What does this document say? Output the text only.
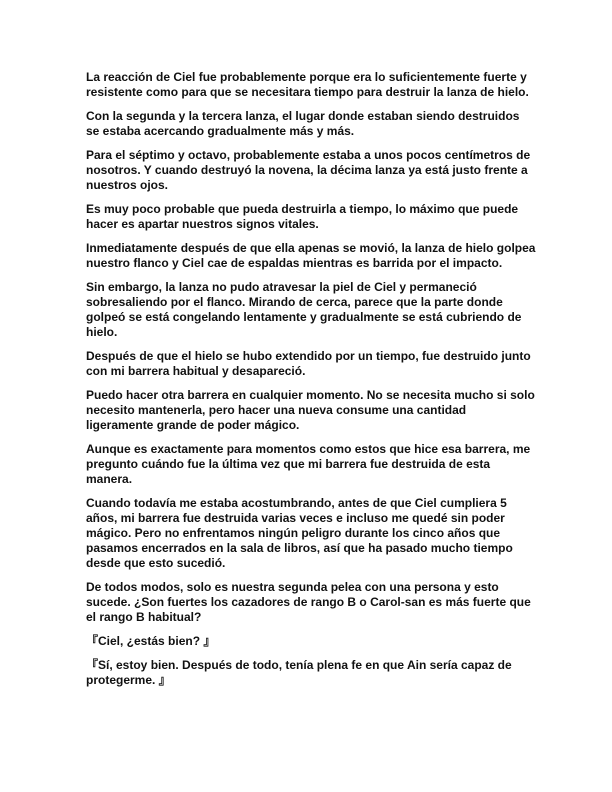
La reacción de Ciel fue probablemente porque era lo suficientemente fuerte y resistente como para que se necesitara tiempo para destruir la lanza de hielo.

Con la segunda y la tercera lanza, el lugar donde estaban siendo destruidos se estaba acercando gradualmente más y más.

Para el séptimo y octavo, probablemente estaba a unos pocos centímetros de nosotros. Y cuando destruyó la novena, la décima lanza ya está justo frente a nuestros ojos.

Es muy poco probable que pueda destruirla a tiempo, lo máximo que puede hacer es apartar nuestros signos vitales.

Inmediatamente después de que ella apenas se movió, la lanza de hielo golpea nuestro flanco y Ciel cae de espaldas mientras es barrida por el impacto.

Sin embargo, la lanza no pudo atravesar la piel de Ciel y permaneció sobresaliendo por el flanco. Mirando de cerca, parece que la parte donde golpeó se está congelando lentamente y gradualmente se está cubriendo de hielo.

Después de que el hielo se hubo extendido por un tiempo, fue destruido junto con mi barrera habitual y desapareció.

Puedo hacer otra barrera en cualquier momento. No se necesita mucho si solo necesito mantenerla, pero hacer una nueva consume una cantidad ligeramente grande de poder mágico.

Aunque es exactamente para momentos como estos que hice esa barrera, me pregunto cuándo fue la última vez que mi barrera fue destruida de esta manera.

Cuando todavía me estaba acostumbrando, antes de que Ciel cumpliera 5 años, mi barrera fue destruida varias veces e incluso me quedé sin poder mágico. Pero no enfrentamos ningún peligro durante los cinco años que pasamos encerrados en la sala de libros, así que ha pasado mucho tiempo desde que esto sucedió.

De todos modos, solo es nuestra segunda pelea con una persona y esto sucede. ¿Son fuertes los cazadores de rango B o Carol-san es más fuerte que el rango B habitual?

『Ciel, ¿estás bien? 』

『Sí, estoy bien. Después de todo, tenía plena fe en que Ain sería capaz de protegerme. 』
